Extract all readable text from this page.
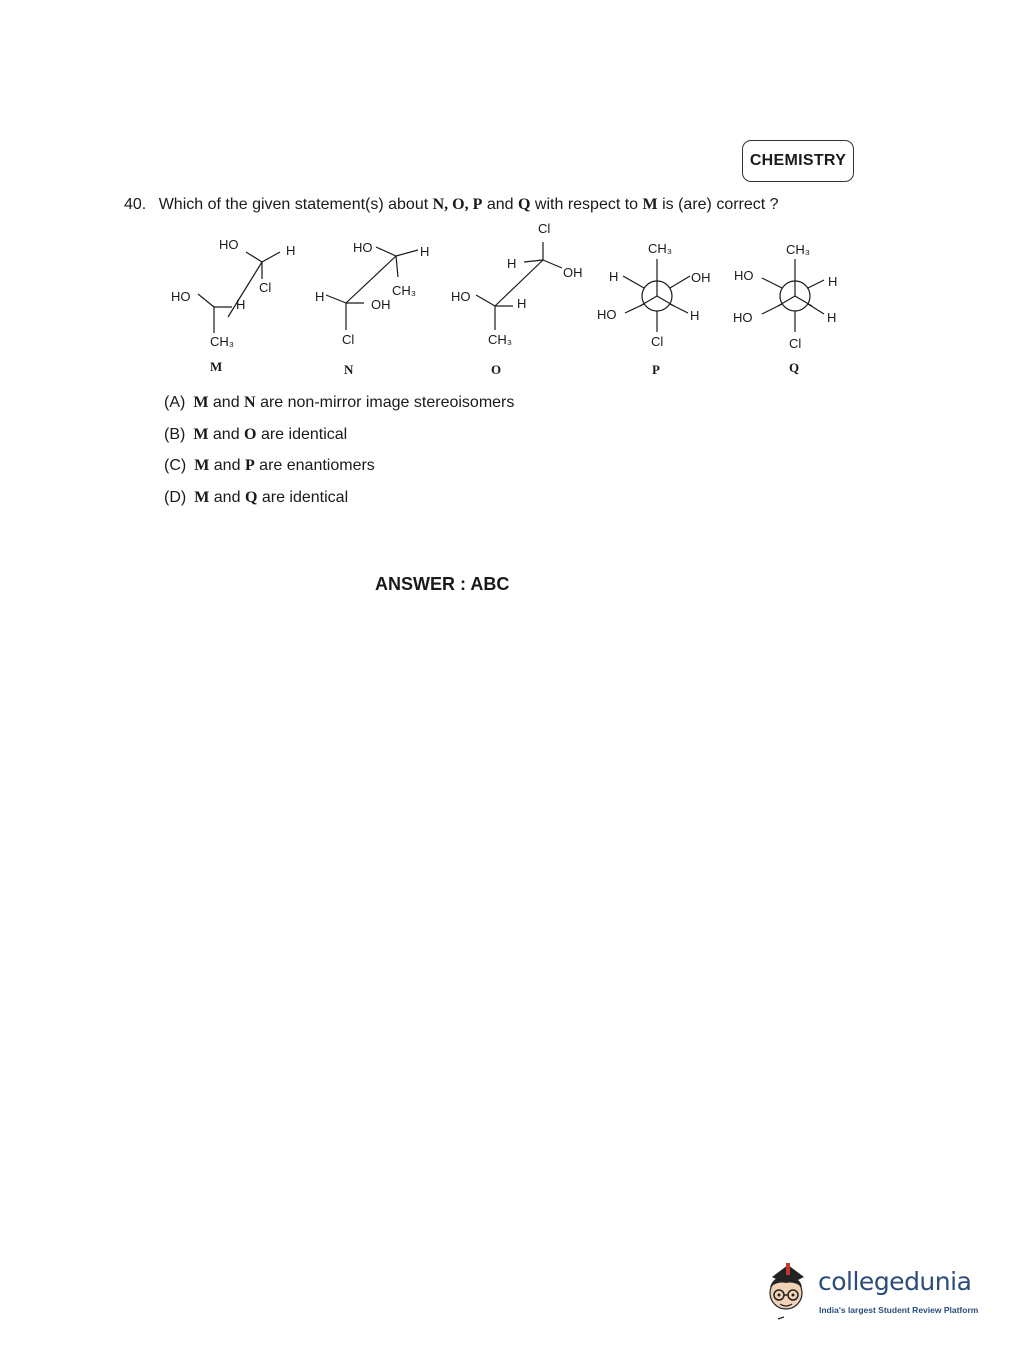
CHEMISTRY
40. Which of the given statement(s) about N, O, P and Q with respect to M is (are) correct ?
HO	H
Cl
HO
H
CH₃
M
HO	H
CH₃
H
OH
Cl
N
Cl
H
OH
HO	H
CH₃
O
CH₃
H	OH
HO	H
Cl
P
CH₃
HO	H
HO	H
Cl
Q
(A) M and N are non-mirror image stereoisomers
(B) M and O are identical
(C) M and P are enantiomers
(D) M and Q are identical
ANSWER : ABC
collegedunia
India's largest Student Review Platform
